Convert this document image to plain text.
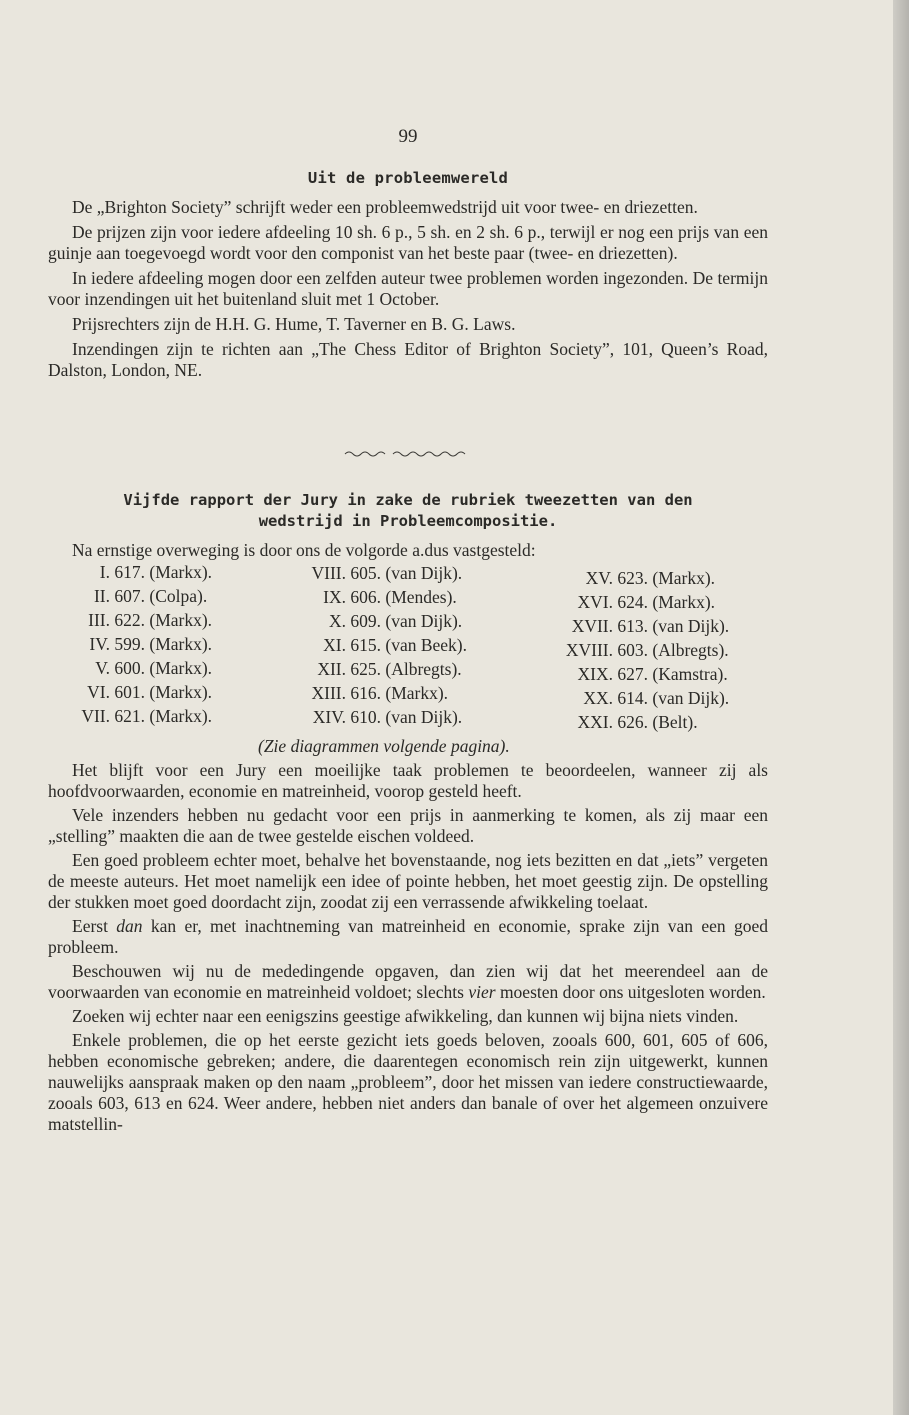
99
Uit de probleemwereld

De „Brighton Society” schrijft weder een probleemwedstrijd uit voor twee- en driezetten.

De prijzen zijn voor iedere afdeeling 10 sh. 6 p., 5 sh. en 2 sh. 6 p., terwijl er nog een prijs van een guinje aan toegevoegd wordt voor den componist van het beste paar (twee- en driezetten).

In iedere afdeeling mogen door een zelfden auteur twee problemen worden ingezonden. De termijn voor inzendingen uit het buitenland sluit met 1 October.

Prijsrechters zijn de H.H. G. Hume, T. Taverner en B. G. Laws.

Inzendingen zijn te richten aan „The Chess Editor of Brighton Society”, 101, Queen’s Road, Dalston, London, NE.

Vijfde rapport der Jury in zake de rubriek tweezetten van den
wedstrijd in Probleemcompositie.
Na ernstige overweging is door ons de volgorde a.dus vastgesteld:
I. 617. (Markx).
II. 607. (Colpa).
III. 622. (Markx).
IV. 599. (Markx).
V. 600. (Markx).
VI. 601. (Markx).
VII. 621. (Markx).
VIII. 605. (van Dijk).
IX. 606. (Mendes).
X. 609. (van Dijk).
XI. 615. (van Beek).
XII. 625. (Albregts).
XIII. 616. (Markx).
XIV. 610. (van Dijk).
XV. 623. (Markx).
XVI. 624. (Markx).
XVII. 613. (van Dijk).
XVIII. 603. (Albregts).
XIX. 627. (Kamstra).
XX. 614. (van Dijk).
XXI. 626. (Belt).
(Zie diagrammen volgende pagina).

Het blijft voor een Jury een moeilijke taak problemen te beoordeelen, wanneer zij als hoofdvoorwaarden, economie en matreinheid, voorop gesteld heeft.

Vele inzenders hebben nu gedacht voor een prijs in aanmerking te komen, als zij maar een „stelling” maakten die aan de twee gestelde eischen voldeed.

Een goed probleem echter moet, behalve het bovenstaande, nog iets bezitten en dat „iets” vergeten de meeste auteurs. Het moet namelijk een idee of pointe hebben, het moet geestig zijn. De opstelling der stukken moet goed doordacht zijn, zoodat zij een verrassende afwikkeling toelaat.

Eerst dan kan er, met inachtneming van matreinheid en economie, sprake zijn van een goed probleem.

Beschouwen wij nu de mededingende opgaven, dan zien wij dat het meerendeel aan de voorwaarden van economie en matreinheid voldoet; slechts vier moesten door ons uitgesloten worden.

Zoeken wij echter naar een eenigszins geestige afwikkeling, dan kunnen wij bijna niets vinden.

Enkele problemen, die op het eerste gezicht iets goeds beloven, zooals 600, 601, 605 of 606, hebben economische gebreken; andere, die daarentegen economisch rein zijn uitgewerkt, kunnen nauwelijks aanspraak maken op den naam „probleem”, door het missen van iedere constructiewaarde, zooals 603, 613 en 624. Weer andere, hebben niet anders dan banale of over het algemeen onzuivere matstellin-
